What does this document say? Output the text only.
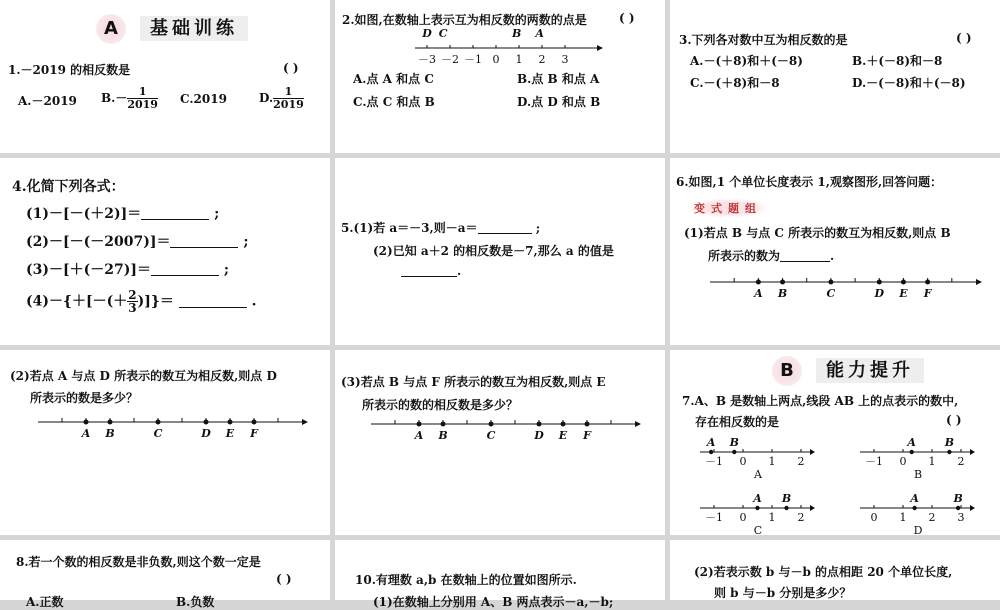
A 基础训练
1.－2019 的相反数是	( )
A.－2019 $B.- \frac{1}{2019} C.2019$	D. $\frac{1}{2019}$
2.如图,在数轴上表示互为相反数的两数的点是	( )
－3 －2 －1 0 1 2 3
D C	B A
A.点 A 和点 C	B.点 B 和点 A
C.点 C 和点 B	D.点 D 和点 B
3.下列各对数中互为相反数的是	( )
A.－(＋8)和＋(－8)	B.＋(－8)和－8
C.－(＋8)和－8	D.－(－8)和＋(－8)
4.化简下列各式：
(1)－[－(＋2)]＝	;
(2)－[－(－2007)]＝	;
(3)－[＋(－27)]＝	;
$(4)-\{+[-(+ \frac{2}{3}$ )]}＝	.
5.(1)若 a＝－3,则－a＝	;
(2)已知 a＋2 的相反数是－7,那么 a 的值是
.
6.如图,1 个单位长度表示 1,观察图形,回答问题：
变式题组
(1)若点 B 与点 C 所表示的数互为相反数,则点 B
所表示的数为	.
A B	C	D E F
(2)若点 A 与点 D 所表示的数互为相反数,则点 D
所表示的数是多少？
A B	C	D E F
(3)若点 B 与点 F 所表示的数互为相反数,则点 E
所表示的数的相反数是多少？
A B	C	D E F
B 能力提升
7.A、B 是数轴上两点,线段 AB 上的点表示的数中,
存在相反数的是	( )
－1 0 1 2
A B
A
－1 0 1 2
A	B
B
－1 0 1 2
A B
C
0 1 2 3
A	B
D
8.若一个数的相反数是非负数,则这个数一定是
( )
A.正数	B.负数
10.有理数 a,b 在数轴上的位置如图所示.
(1)在数轴上分别用 A、B 两点表示－a,－b;
(2)若表示数 b 与－b 的点相距 20 个单位长度,
则 b 与－b 分别是多少？
